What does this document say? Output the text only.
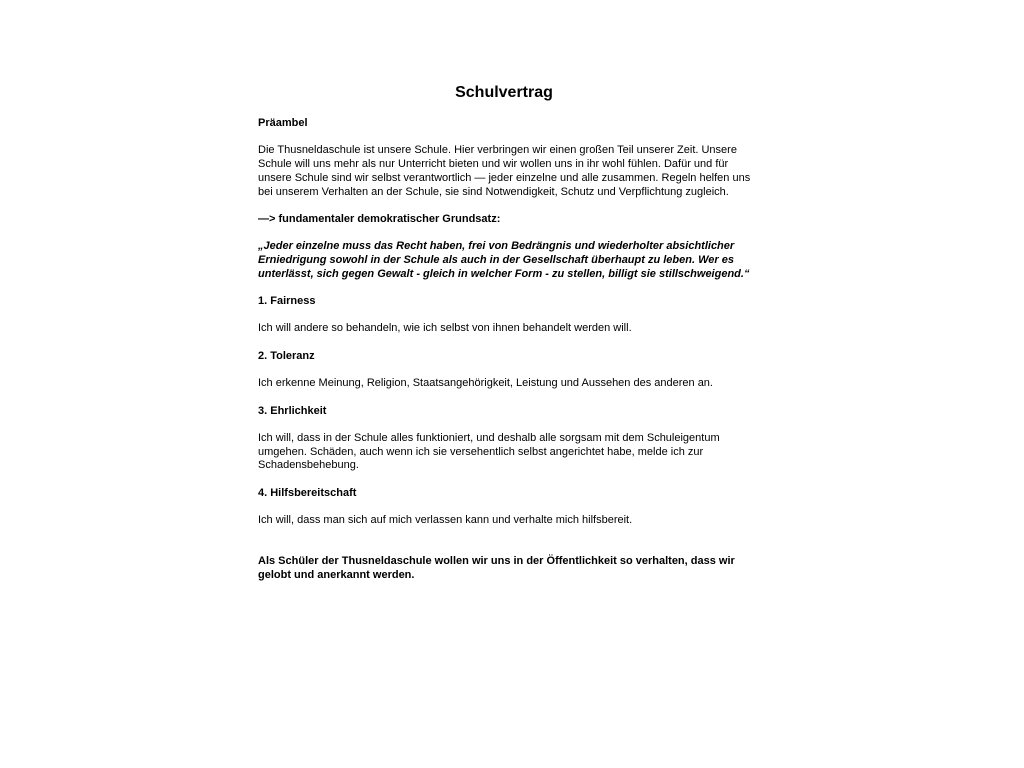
Schulvertrag

Präambel

Die Thusneldaschule ist unsere Schule. Hier verbringen wir einen großen Teil unserer Zeit. Unsere Schule will uns mehr als nur Unterricht bieten und wir wollen uns in ihr wohl fühlen. Dafür und für unsere Schule sind wir selbst verantwortlich — jeder einzelne und alle zusammen. Regeln helfen uns bei unserem Verhalten an der Schule, sie sind Notwendigkeit, Schutz und Verpflichtung zugleich.

—> fundamentaler demokratischer Grundsatz:

„Jeder einzelne muss das Recht haben, frei von Bedrängnis und wiederholter absichtlicher Erniedrigung sowohl in der Schule als auch in der Gesellschaft überhaupt zu leben. Wer es unterlässt, sich gegen Gewalt - gleich in welcher Form - zu stellen, billigt sie stillschweigend.“

1. Fairness

Ich will andere so behandeln, wie ich selbst von ihnen behandelt werden will.

2. Toleranz

Ich erkenne Meinung, Religion, Staatsangehörigkeit, Leistung und Aussehen des anderen an.

3. Ehrlichkeit

Ich will, dass in der Schule alles funktioniert, und deshalb alle sorgsam mit dem Schuleigentum umgehen. Schäden, auch wenn ich sie versehentlich selbst angerichtet habe, melde ich zur Schadensbehebung.

4. Hilfsbereitschaft

Ich will, dass man sich auf mich verlassen kann und verhalte mich hilfsbereit.

Als Schüler der Thusneldaschule wollen wir uns in der Öffentlichkeit so verhalten, dass wir gelobt und anerkannt werden.
